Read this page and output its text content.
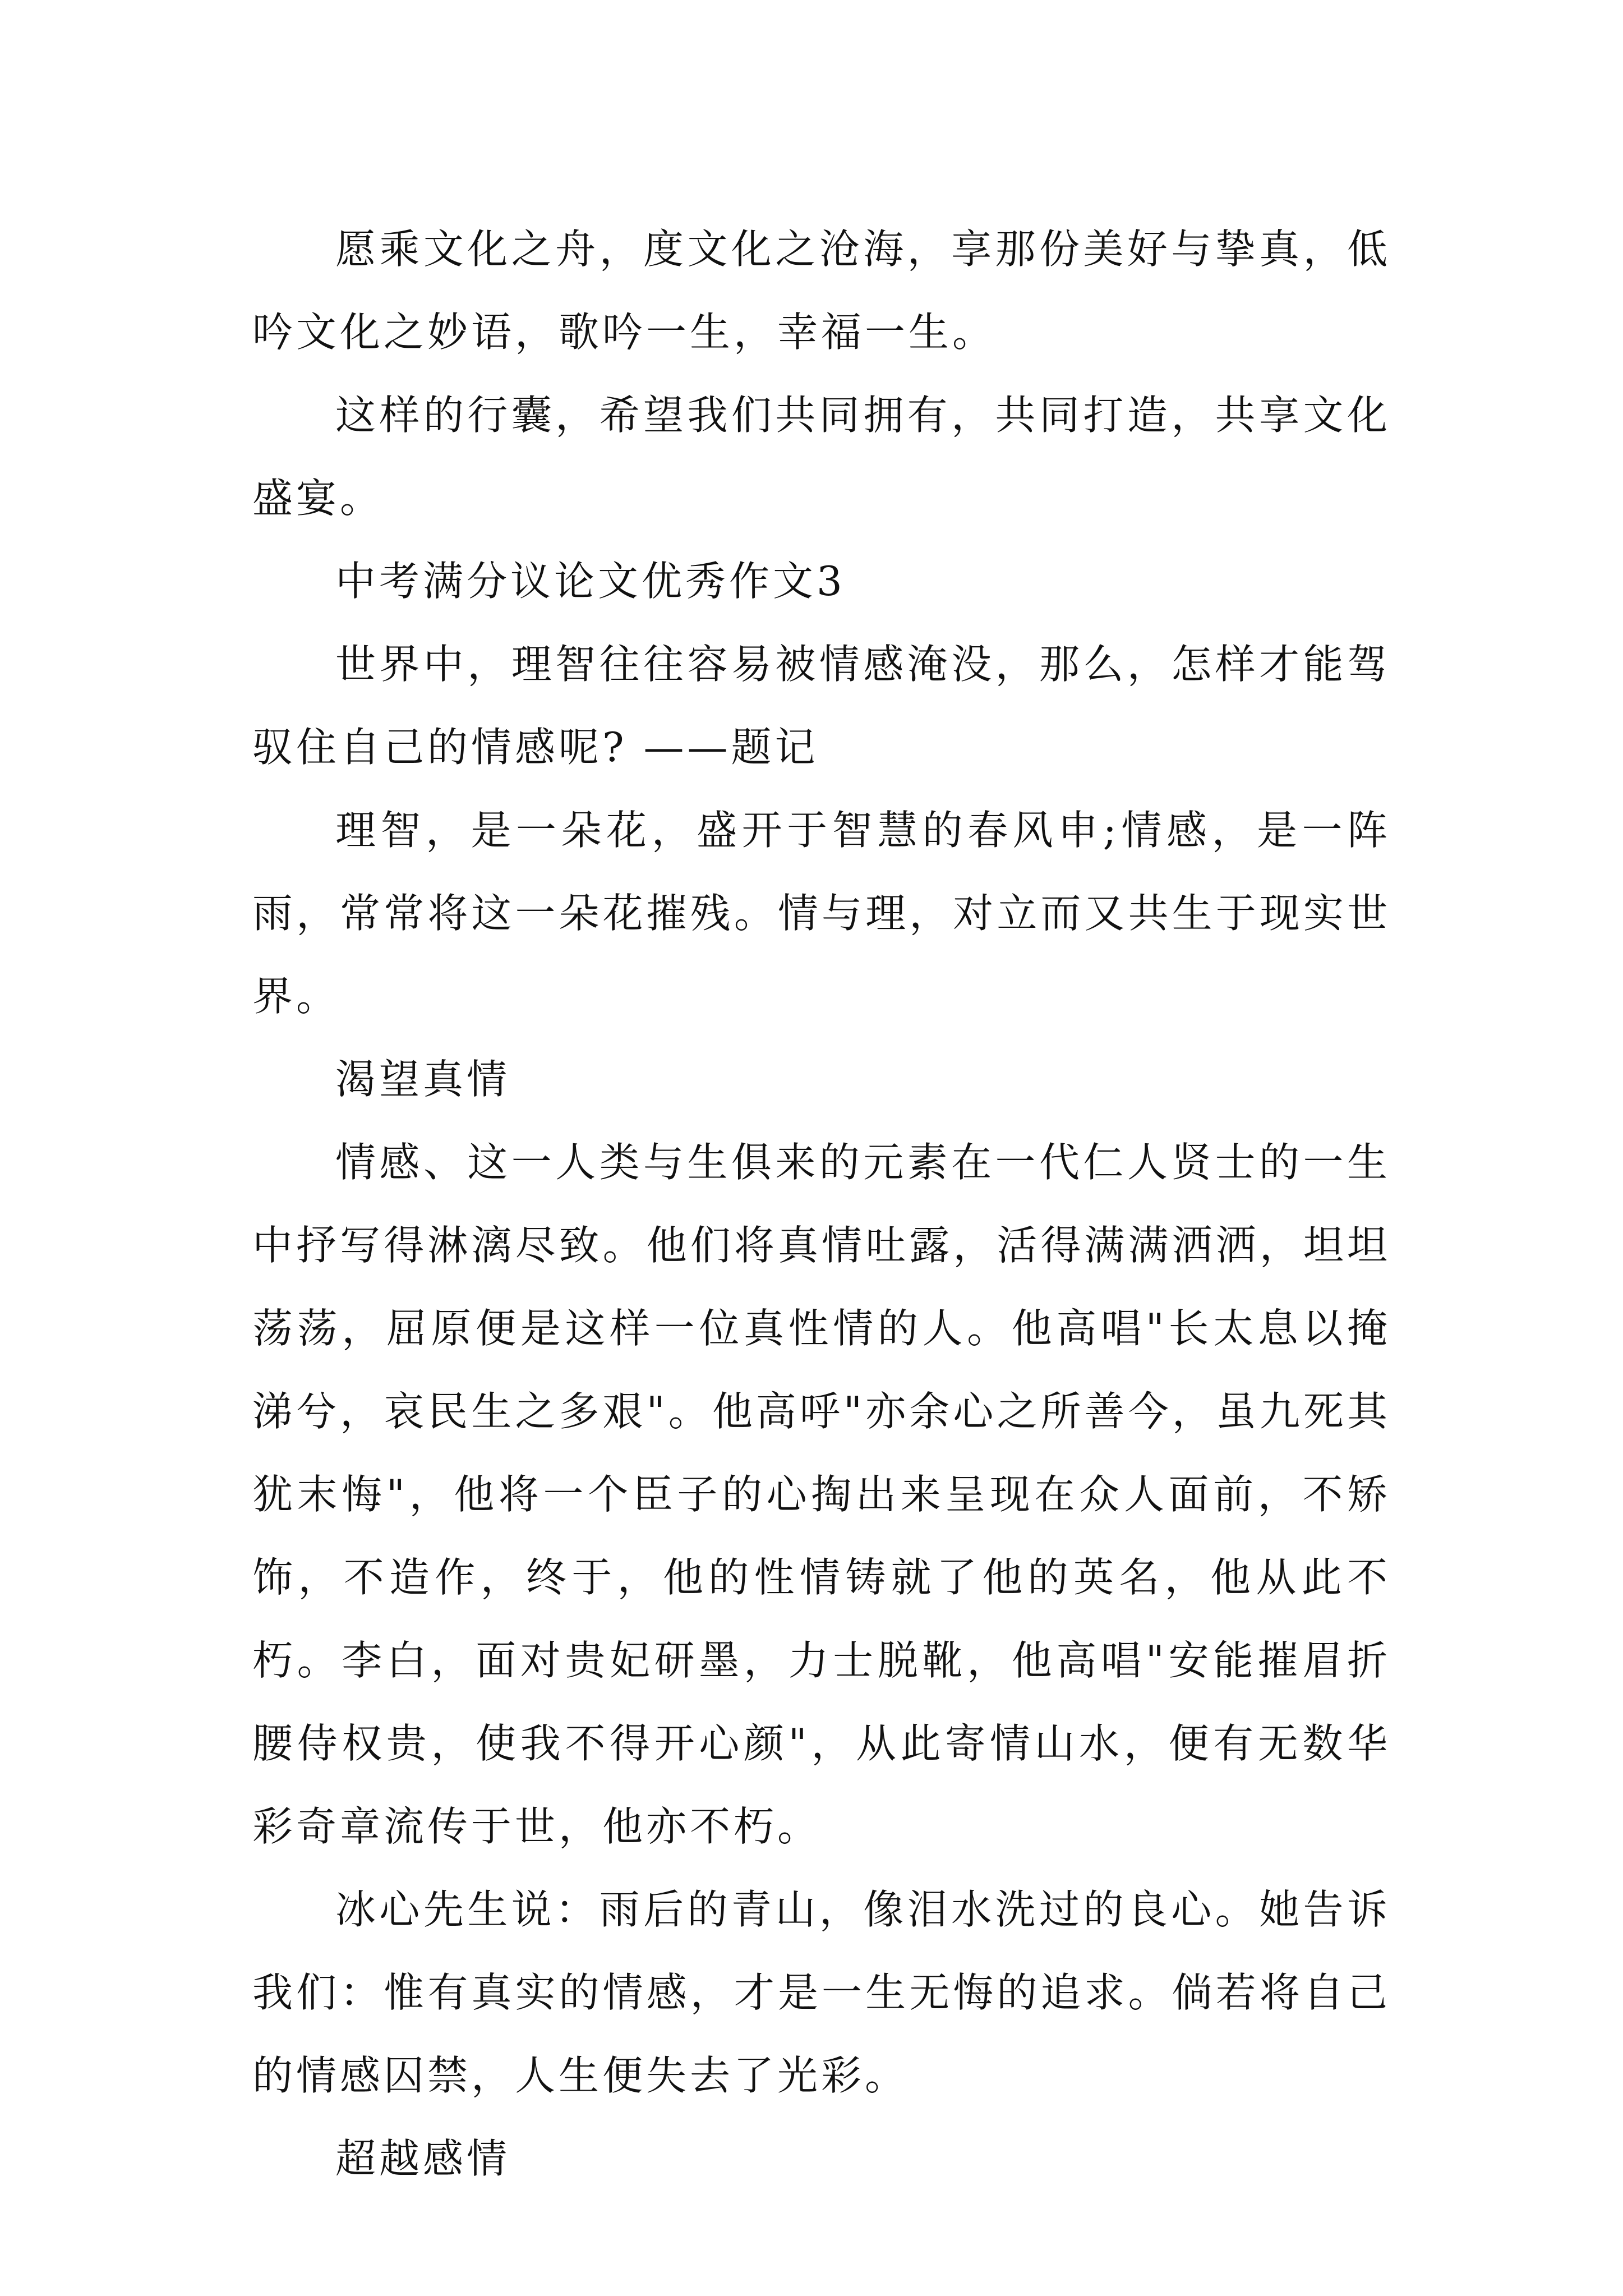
愿乘文化之舟，度文化之沧海，享那份美好与挚真，低吟文化之妙语，歌吟一生，幸福一生。

这样的行囊，希望我们共同拥有，共同打造，共享文化盛宴。

中考满分议论文优秀作文3

世界中，理智往往容易被情感淹没，那么，怎样才能驾驭住自己的情感呢? ——题记

理智，是一朵花，盛开于智慧的春风申;情感，是一阵雨，常常将这一朵花摧残。情与理，对立而又共生于现实世界。

渴望真情

情感、这一人类与生俱来的元素在一代仁人贤士的一生中抒写得淋漓尽致。他们将真情吐露，活得满满洒洒，坦坦荡荡，屈原便是这样一位真性情的人。他高唱"长太息以掩涕兮，哀民生之多艰"。他高呼"亦余心之所善今，虽九死其犹末悔"，他将一个臣子的心掏出来呈现在众人面前，不矫饰，不造作，终于，他的性情铸就了他的英名，他从此不朽。李白，面对贵妃研墨，力士脱靴，他高唱"安能摧眉折腰侍权贵，使我不得开心颜"，从此寄情山水，便有无数华彩奇章流传于世，他亦不朽。

冰心先生说：雨后的青山，像泪水洗过的良心。她告诉我们：惟有真实的情感，才是一生无悔的追求。倘若将自己的情感囚禁，人生便失去了光彩。

超越感情
